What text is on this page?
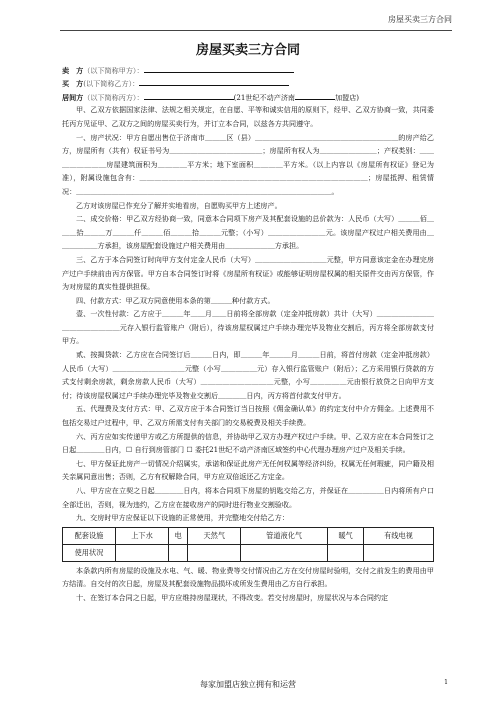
房屋买卖三方合同
房屋买卖三方合同
卖　方（以下简称甲方）：
买　方(以下简称乙方）：
居间方（以下简称丙方）：	(21世纪不动产济南	加盟店)

甲、乙双方依据国家法律、法规之相关规定，在自愿、平等和诚实信用的原则下，经甲、乙双方协商一致，共同委托丙方见证甲、乙双方之间的房屋买卖行为，并订立本合同，以兹各方共同遵守。

一、房产状况：甲方自愿出售位于济南市＿＿＿区（县）＿＿＿＿＿＿＿＿＿＿＿＿＿＿＿＿＿＿＿＿的房产给乙方，房屋所有（共有）权证书号为＿＿＿＿＿＿＿＿＿＿＿＿＿；房屋所有权人为＿＿＿＿＿＿＿＿；产权类别：＿＿＿＿＿＿＿＿房屋建筑面积为＿＿＿＿平方米；地下室面积＿＿＿＿平方米。（以上内容以《房屋所有权证》登记为准），附属设施包含有：＿＿＿＿＿＿＿＿＿＿＿＿＿＿＿＿＿＿＿＿＿＿＿＿＿＿＿＿＿＿＿；房屋抵押、租赁情况：＿＿＿＿＿＿＿＿＿＿＿＿＿＿＿＿＿＿＿＿＿＿＿＿＿＿＿＿＿＿＿＿＿＿＿＿。

乙方对该房屋已作充分了解并实地看房，自愿购买甲方上述房产。

二、成交价格：甲乙双方经协商一致，同意本合同项下房产及其配套设施的总价款为：人民币（大写）＿＿＿佰＿＿＿拾＿＿＿万＿＿＿仟＿＿＿佰＿＿＿拾＿＿＿元整；（小写）＿＿＿＿＿＿＿＿元。该房屋产权过户相关费用由＿＿＿＿＿＿方承担，该房屋配套设施过户相关费用由＿＿＿＿＿＿＿方承担。

三、乙方于本合同签订时向甲方支付定金人民币（大写）＿＿＿＿＿＿＿＿＿＿元整，甲方同意该定金在办理完房产过户手续前由丙方保管。甲方自本合同签订时将《房屋所有权证》或能够证明房屋权属的相关原件交由丙方保管，作为对房屋的真实性提供担保。

四、付款方式：甲乙双方同意使用本条的第＿＿＿种付款方式。

壹、一次性付款：乙方应于＿＿＿年＿＿月＿＿日前将全部房款（定金冲抵房款）共计（大写）＿＿＿＿＿＿＿＿＿＿＿＿＿＿＿＿元存入银行监管账户（附后），待该房屋权属过户手续办理完毕及物业交割后，丙方将全部房款支付甲方。

贰、按揭贷款：乙方应在合同签订后＿＿＿日内，即＿＿＿年＿＿＿月＿＿＿日前，将首付房款（定金冲抵房款）人民币（大写）＿＿＿＿＿＿＿＿＿＿元整（小写＿＿＿＿＿元）存入银行监管账户（附后）；乙方采用银行贷款的方式支付剩余房款，剩余房款人民币（大写）＿＿＿＿＿＿＿＿＿＿元整，小写＿＿＿＿＿元由银行放贷之日向甲方支付；待该房屋权属过户手续办理完毕及物业交割后＿＿＿＿日内，丙方将首付款支付甲方。

五、代理费及支付方式：甲、乙双方应于本合同签订当日按照《佣金确认单》的约定支付中介方佣金。上述费用不包括交易过户过程中，甲、乙双方所需支付有关部门的交易税费及相关手续费。

六、丙方应如实传递甲方或乙方所提供的信息，并协助甲乙双方办理产权过户手续。甲、乙双方应在本合同签订之日起＿＿＿＿日内，☐ 自行到房管部门 ☐ 委托21世纪不动产济南区域签约中心代理办理房产过户及相关手续。

七、甲方保证此房产一切情况介绍属实，承诺和保证此房产无任何权属等经济纠纷，权属无任何瑕疵，同户籍及相关亲属同意出售；否则，乙方有权解除合同，甲方应双倍返还乙方定金。

八、甲方应在立契之日起＿＿＿＿日内，将本合同项下房屋的钥匙交给乙方，并保证在＿＿＿＿＿日内将所有户口全部迁出，否则，视为违约，乙方应在接收房产的同时进行物业交割验收。

九、交房时甲方应保证以下设施的正常使用，并完整地交付给乙方：

配套设施	上下水	电	天然气	管道液化气	暖气	有线电视
使用状况						

本条款内所有房屋的设施及水电、气、暖、物业费等交付情况由乙方在交付房屋时验明，交付之前发生的费用由甲方结清。自交付的次日起，房屋及其配套设施物品损坏或所发生费用由乙方自行承担。

十、在签订本合同之日起，甲方应维持房屋现状，不得改变。若交付房屋时，房屋状况与本合同约定

每家加盟店独立拥有和运营	1
